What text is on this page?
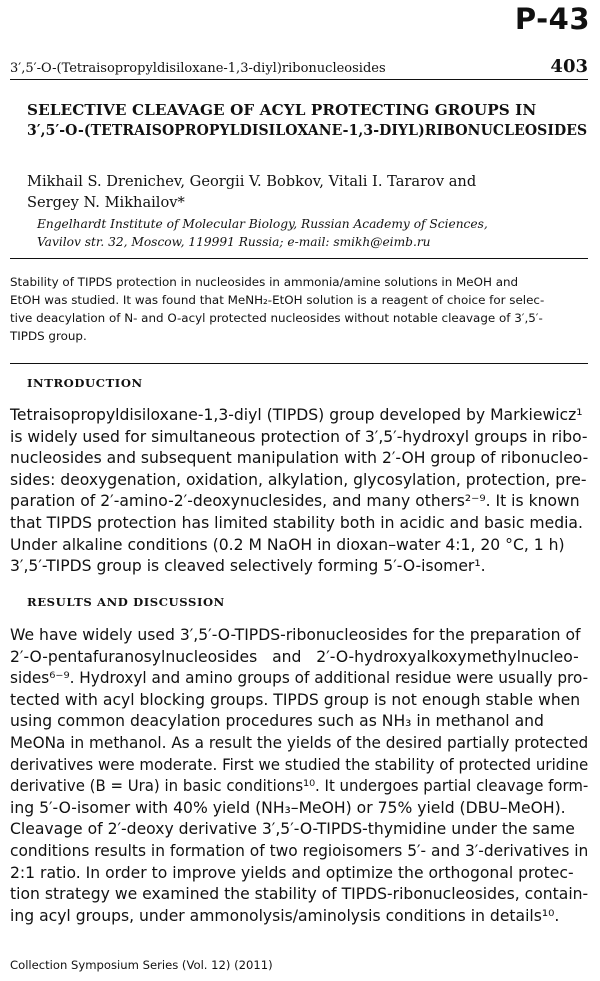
P-43
3′,5′-O-(Tetraisopropyldisiloxane-1,3-diyl)ribonucleosides	403
SELECTIVE CLEAVAGE OF ACYL PROTECTING GROUPS IN
3′,5′-O-(TETRAISOPROPYLDISILOXANE-1,3-DIYL)RIBONUCLEOSIDES
Mikhail S. Drenichev, Georgii V. Bobkov, Vitali I. Tararov and
Sergey N. Mikhailov*
Engelhardt Institute of Molecular Biology, Russian Academy of Sciences,
Vavilov str. 32, Moscow, 119991 Russia; e-mail: smikh@eimb.ru
Stability of TIPDS protection in nucleosides in ammonia/amine solutions in MeOH and
EtOH was studied. It was found that MeNH₂-EtOH solution is a reagent of choice for selec-
tive deacylation of N- and O-acyl protected nucleosides without notable cleavage of 3′,5′-
TIPDS group.
INTRODUCTION
Tetraisopropyldisiloxane-1,3-diyl (TIPDS) group developed by Markiewicz¹
is widely used for simultaneous protection of 3′,5′-hydroxyl groups in ribo-
nucleosides and subsequent manipulation with 2′-OH group of ribonucleo-
sides: deoxygenation, oxidation, alkylation, glycosylation, protection, pre-
paration of 2′-amino-2′-deoxynuclesides, and many others²⁻⁹. It is known
that TIPDS protection has limited stability both in acidic and basic media.
Under alkaline conditions (0.2 M NaOH in dioxan–water 4:1, 20 °C, 1 h)
3′,5′-TIPDS group is cleaved selectively forming 5′-O-isomer¹.
RESULTS AND DISCUSSION
We have widely used 3′,5′-O-TIPDS-ribonucleosides for the preparation of
2′-O-pentafuranosylnucleosides   and   2′-O-hydroxyalkoxymethylnucleo-
sides⁶⁻⁹. Hydroxyl and amino groups of additional residue were usually pro-
tected with acyl blocking groups. TIPDS group is not enough stable when
using common deacylation procedures such as NH₃ in methanol and
MeONa in methanol. As a result the yields of the desired partially protected
derivatives were moderate. First we studied the stability of protected uridine
derivative (B = Ura) in basic conditions¹⁰. It undergoes partial cleavage form-
ing 5′-O-isomer with 40% yield (NH₃–MeOH) or 75% yield (DBU–MeOH).
Cleavage of 2′-deoxy derivative 3′,5′-O-TIPDS-thymidine under the same
conditions results in formation of two regioisomers 5′- and 3′-derivatives in
2:1 ratio. In order to improve yields and optimize the orthogonal protec-
tion strategy we examined the stability of TIPDS-ribonucleosides, contain-
ing acyl groups, under ammonolysis/aminolysis conditions in details¹⁰.
Collection Symposium Series (Vol. 12) (2011)
